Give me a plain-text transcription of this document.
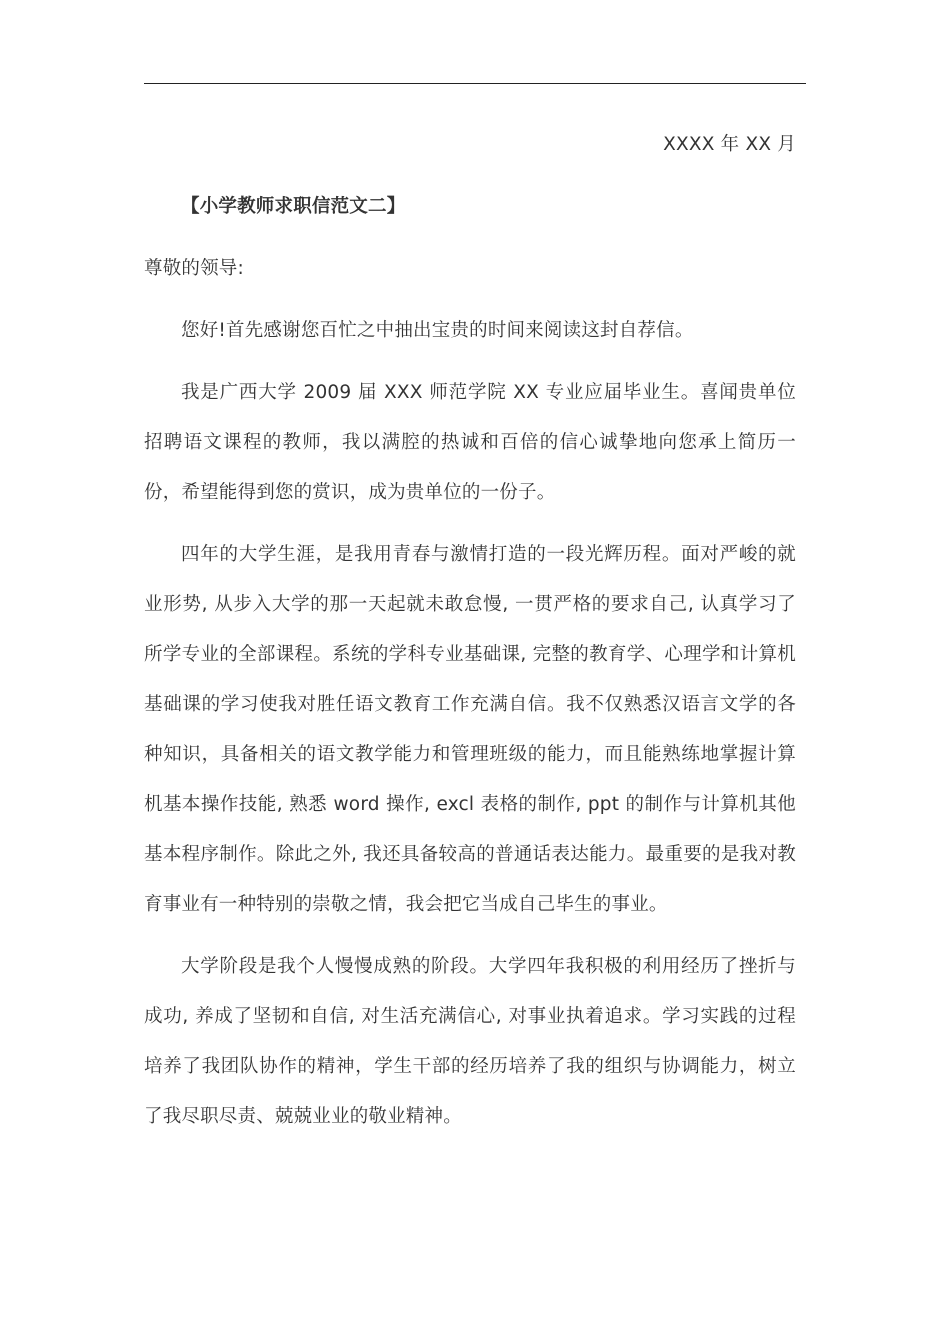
XXXX 年 XX 月
【小学教师求职信范文二】
尊敬的领导:

您好!首先感谢您百忙之中抽出宝贵的时间来阅读这封自荐信。

我是广西大学 2009 届 XXX 师范学院 XX 专业应届毕业生。喜闻贵单位招聘语文课程的教师，我以满腔的热诚和百倍的信心诚挚地向您承上简历一份，希望能得到您的赏识，成为贵单位的一份子。

四年的大学生涯，是我用青春与激情打造的一段光辉历程。面对严峻的就业形势, 从步入大学的那一天起就未敢怠慢, 一贯严格的要求自己, 认真学习了所学专业的全部课程。系统的学科专业基础课, 完整的教育学、心理学和计算机基础课的学习使我对胜任语文教育工作充满自信。我不仅熟悉汉语言文学的各种知识，具备相关的语文教学能力和管理班级的能力，而且能熟练地掌握计算机基本操作技能, 熟悉 word 操作, excl 表格的制作, ppt 的制作与计算机其他基本程序制作。除此之外, 我还具备较高的普通话表达能力。最重要的是我对教育事业有一种特别的崇敬之情，我会把它当成自己毕生的事业。

大学阶段是我个人慢慢成熟的阶段。大学四年我积极的利用经历了挫折与成功, 养成了坚韧和自信, 对生活充满信心, 对事业执着追求。学习实践的过程培养了我团队协作的精神，学生干部的经历培养了我的组织与协调能力，树立了我尽职尽责、兢兢业业的敬业精神。
